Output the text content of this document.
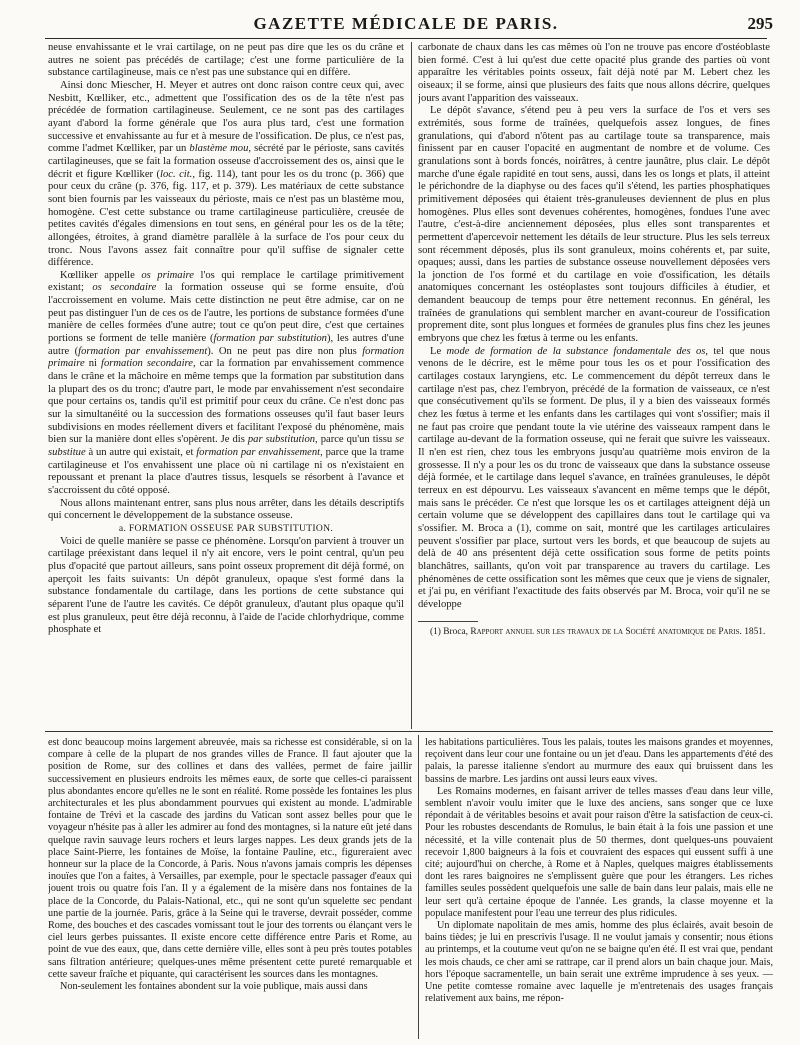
GAZETTE MÉDICALE DE PARIS.	295

neuse envahissante et le vrai cartilage, on ne peut pas dire que les os du crâne et autres ne soient pas précédés de cartilage; c'est une forme particulière de la substance cartilagineuse, mais ce n'est pas une substance qui en diffère.

Ainsi donc Miescher, H. Meyer et autres ont donc raison contre ceux qui, avec Nesbitt, Kœlliker, etc., admettent que l'ossification des os de la tête n'est pas précédée de formation cartilagineuse. Seulement, ce ne sont pas des cartilages ayant d'abord la forme générale que l'os aura plus tard, c'est une formation successive et envahissante au fur et à mesure de l'ossification. De plus, ce n'est pas, comme l'admet Kœlliker, par un blastème mou, sécrété par le périoste, sans cavités cartilagineuses, que se fait la formation osseuse d'accroissement des os, ainsi que le décrit et figure Kœlliker (loc. cit., fig. 114), tant pour les os du tronc (p. 366) que pour ceux du crâne (p. 376, fig. 117, et p. 379). Les matériaux de cette substance sont bien fournis par les vaisseaux du périoste, mais ce n'est pas un blastème mou, homogène. C'est cette substance ou trame cartilagineuse particulière, creusée de petites cavités d'égales dimensions en tout sens, en général pour les os de la tête; allongées, étroites, à grand diamètre parallèle à la surface de l'os pour ceux du tronc. Nous l'avons assez fait connaître pour qu'il suffise de signaler cette différence.

Kœlliker appelle os primaire l'os qui remplace le cartilage primitivement existant; os secondaire la formation osseuse qui se forme ensuite, d'où l'accroissement en volume. Mais cette distinction ne peut être admise, car on ne peut pas distinguer l'un de ces os de l'autre, les portions de substance formées d'une manière de celles formées d'une autre; tout ce qu'on peut dire, c'est que certaines portions se forment de telle manière (formation par substitution), les autres d'une autre (formation par envahissement). On ne peut pas dire non plus formation primaire ni formation secondaire, car la formation par envahissement commence dans le crâne et la mâchoire en même temps que la formation par substitution dans la plupart des os du tronc; d'autre part, le mode par envahissement n'est secondaire que pour certains os, tandis qu'il est primitif pour ceux du crâne. Ce n'est donc pas sur la simultanéité ou la succession des formations osseuses qu'il faut baser leurs subdivisions en modes réellement divers et facilitant l'exposé du phénomène, mais bien sur la manière dont elles s'opèrent. Je dis par substitution, parce qu'un tissu se substitue à un autre qui existait, et formation par envahissement, parce que la trame cartilagineuse et l'os envahissent une place où ni cartilage ni os n'existaient en repoussant et prenant la place d'autres tissus, lesquels se résorbent à l'avance et s'accroissent du côté opposé.

Nous allons maintenant entrer, sans plus nous arrêter, dans les détails descriptifs qui concernent le développement de la substance osseuse.

a. FORMATION OSSEUSE PAR SUBSTITUTION.

Voici de quelle manière se passe ce phénomène. Lorsqu'on parvient à trouver un cartilage préexistant dans lequel il n'y ait encore, vers le point central, qu'un peu plus d'opacité que partout ailleurs, sans point osseux proprement dit déjà formé, on aperçoit les faits suivants: Un dépôt granuleux, opaque s'est formé dans la substance fondamentale du cartilage, dans les portions de cette substance qui séparent l'une de l'autre les cavités. Ce dépôt granuleux, d'autant plus opaque qu'il est plus granuleux, peut être déjà reconnu, à l'aide de l'acide chlorhydrique, comme phosphate et

carbonate de chaux dans les cas mêmes où l'on ne trouve pas encore d'ostéoblaste bien formé. C'est à lui qu'est due cette opacité plus grande des parties où vont apparaître les véritables points osseux, fait déjà noté par M. Lebert chez les oiseaux; il se forme, ainsi que plusieurs des faits que nous allons décrire, quelques jours avant l'apparition des vaisseaux.

Le dépôt s'avance, s'étend peu à peu vers la surface de l'os et vers ses extrémités, sous forme de traînées, quelquefois assez longues, de fines granulations, qui d'abord n'ôtent pas au cartilage toute sa transparence, mais finissent par en causer l'opacité en augmentant de nombre et de volume. Ces granulations sont à bords foncés, noirâtres, à centre jaunâtre, plus clair. Le dépôt marche d'une égale rapidité en tout sens, aussi, dans les os longs et plats, il atteint le périchondre de la diaphyse ou des faces qu'il s'étend, les parties phosphatiques primitivement déposées qui étaient très-granuleuses deviennent de plus en plus homogènes. Plus elles sont devenues cohérentes, homogènes, fondues l'une avec l'autre, c'est-à-dire anciennement déposées, plus elles sont transparentes et permettent d'apercevoir nettement les détails de leur structure. Plus les sels terreux sont récemment déposés, plus ils sont granuleux, moins cohérents et, par suite, opaques; aussi, dans les parties de substance osseuse nouvellement déposées vers la jonction de l'os formé et du cartilage en voie d'ossification, les détails anatomiques concernant les ostéoplastes sont toujours difficiles à étudier, et demandent beaucoup de temps pour être nettement reconnus. En général, les traînées de granulations qui semblent marcher en avant-coureur de l'ossification proprement dite, sont plus longues et formées de granules plus fins chez les jeunes embryons que chez les fœtus à terme ou les enfants.

Le mode de formation de la substance fondamentale des os, tel que nous venons de le décrire, est le même pour tous les os et pour l'ossification des cartilages costaux laryngiens, etc. Le commencement du dépôt terreux dans le cartilage n'est pas, chez l'embryon, précédé de la formation de vaisseaux, ce n'est que consécutivement qu'ils se forment. De plus, il y a bien des vaisseaux formés chez les fœtus à terme et les enfants dans les cartilages qui vont s'ossifier; mais il ne faut pas croire que pendant toute la vie utérine des vaisseaux rampent dans le cartilage au-devant de la formation osseuse, qui ne ferait que suivre les vaisseaux. Il n'en est rien, chez tous les embryons jusqu'au quatrième mois environ de la grossesse. Il n'y a pour les os du tronc de vaisseaux que dans la substance osseuse déjà formée, et le cartilage dans lequel s'avance, en traînées granuleuses, le dépôt terreux en est dépourvu. Les vaisseaux s'avancent en même temps que le dépôt, mais sans le précéder. Ce n'est que lorsque les os et cartilages atteignent déjà un certain volume que se développent des capillaires dans tout le cartilage qui va s'ossifier. M. Broca a (1), comme on sait, montré que les cartilages articulaires peuvent s'ossifier par place, surtout vers les bords, et que beaucoup de sujets au delà de 40 ans présentent déjà cette ossification sous forme de petits points blanchâtres, saillants, qu'on voit par transparence au travers du cartilage. Les phénomènes de cette ossification sont les mêmes que ceux que je viens de signaler, et j'ai pu, en vérifiant l'exactitude des faits observés par M. Broca, voir qu'il ne se développe

(1) Broca, Rapport annuel sur les travaux de la Société anatomique de Paris. 1851.

est donc beaucoup moins largement abreuvée, mais sa richesse est considérable, si on la compare à celle de la plupart de nos grandes villes de France. Il faut ajouter que la position de Rome, sur des collines et dans des vallées, permet de faire jaillir successivement en plusieurs endroits les mêmes eaux, de sorte que celles-ci paraissent plus abondantes encore qu'elles ne le sont en réalité. Rome possède les fontaines les plus architecturales et les plus abondamment pourvues qui existent au monde. L'admirable fontaine de Trévi et la cascade des jardins du Vatican sont assez belles pour que le voyageur n'hésite pas à aller les admirer au fond des montagnes, si la nature eût jeté dans quelque ravin sauvage leurs rochers et leurs larges nappes. Les deux grands jets de la place Saint-Pierre, les fontaines de Moïse, la fontaine Pauline, etc., figureraient avec honneur sur la place de la Concorde, à Paris. Nous n'avons jamais compris les dépenses inouïes que l'on a faites, à Versailles, par exemple, pour le spectacle passager d'eaux qui jouent trois ou quatre fois l'an. Il y a également de la misère dans nos fontaines de la place de la Concorde, du Palais-National, etc., qui ne sont qu'un squelette sec pendant une partie de la journée. Paris, grâce à la Seine qui le traverse, devrait posséder, comme Rome, des bouches et des cascades vomissant tout le jour des torrents ou élançant vers le ciel leurs gerbes puissantes. Il existe encore cette différence entre Paris et Rome, au point de vue des eaux, que, dans cette dernière ville, elles sont à peu près toutes potables sans filtration antérieure; quelques-unes même présentent cette pureté remarquable et cette saveur fraîche et piquante, qui caractérisent les sources dans les montagnes.

Non-seulement les fontaines abondent sur la voie publique, mais aussi dans

les habitations particulières. Tous les palais, toutes les maisons grandes et moyennes, reçoivent dans leur cour une fontaine ou un jet d'eau. Dans les appartements d'été des palais, la paresse italienne s'endort au murmure des eaux qui bruissent dans les bassins de marbre. Les jardins ont aussi leurs eaux vives.

Les Romains modernes, en faisant arriver de telles masses d'eau dans leur ville, semblent n'avoir voulu imiter que le luxe des anciens, sans songer que ce luxe répondait à de véritables besoins et avait pour raison d'être la satisfaction de ceux-ci. Pour les robustes descendants de Romulus, le bain était à la fois une passion et une nécessité, et la ville contenait plus de 50 thermes, dont quelques-uns pouvaient recevoir 1,800 baigneurs à la fois et couvraient des espaces qui eussent suffi à une cité; aujourd'hui on cherche, à Rome et à Naples, quelques maigres établissements dont les rares baignoires ne s'emplissent guère que pour les étrangers. Les riches familles seules possèdent quelquefois une salle de bain dans leur palais, mais elle ne leur sert qu'à certaine époque de l'année. Les grands, la classe moyenne et la populace manifestent pour l'eau une terreur des plus ridicules.

Un diplomate napolitain de mes amis, homme des plus éclairés, avait besoin de bains tièdes; je lui en prescrivis l'usage. Il ne voulut jamais y consentir; nous étions au printemps, et la coutume veut qu'on ne se baigne qu'en été. Il est vrai que, pendant les mois chauds, ce cher ami se rattrape, car il prend alors un bain chaque jour. Mais, hors l'époque sacramentelle, un bain serait une extrême imprudence à ses yeux. — Une petite comtesse romaine avec laquelle je m'entretenais des usages français relativement aux bains, me répon-
